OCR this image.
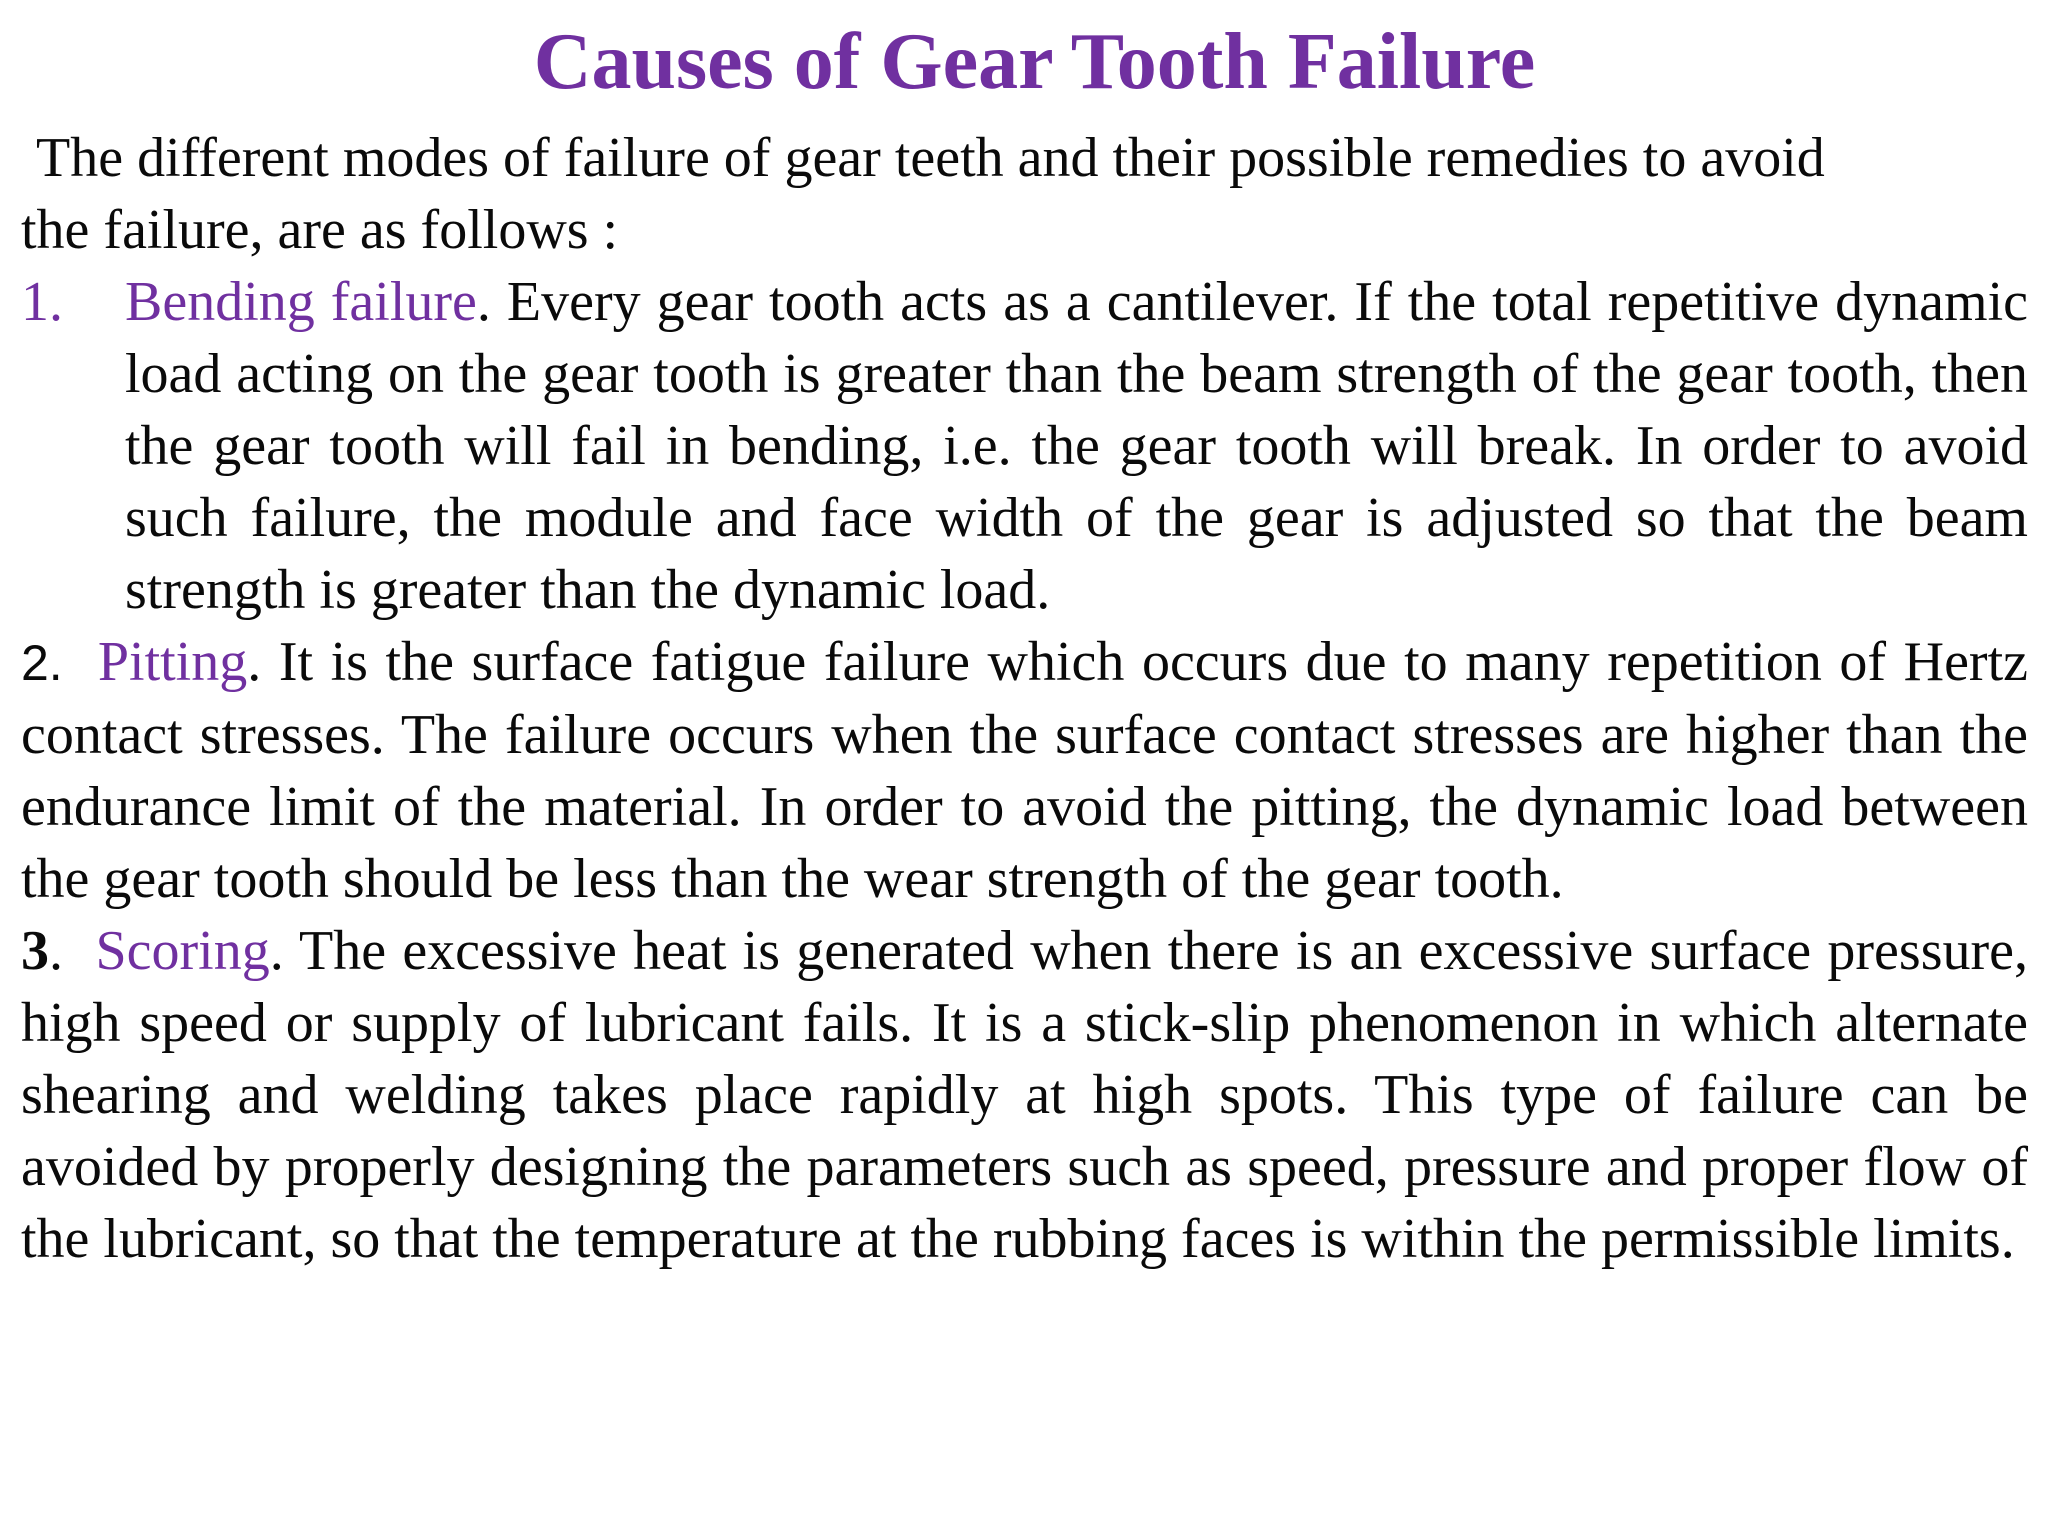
Causes of Gear Tooth Failure

The different modes of failure of gear teeth and their possible remedies to avoid
the failure, are as follows :

1. Bending failure. Every gear tooth acts as a cantilever. If the total repetitive dynamic load acting on the gear tooth is greater than the beam strength of the gear tooth, then the gear tooth will fail in bending, i.e. the gear tooth will break. In order to avoid such failure, the module and face width of the gear is adjusted so that the beam strength is greater than the dynamic load.

2. Pitting. It is the surface fatigue failure which occurs due to many repetition of Hertz contact stresses. The failure occurs when the surface contact stresses are higher than the endurance limit of the material. In order to avoid the pitting, the dynamic load between the gear tooth should be less than the wear strength of the gear tooth.

3. Scoring. The excessive heat is generated when there is an excessive surface pressure, high speed or supply of lubricant fails. It is a stick-slip phenomenon in which alternate shearing and welding takes place rapidly at high spots. This type of failure can be avoided by properly designing the parameters such as speed, pressure and proper flow of the lubricant, so that the temperature at the rubbing faces is within the permissible limits.
